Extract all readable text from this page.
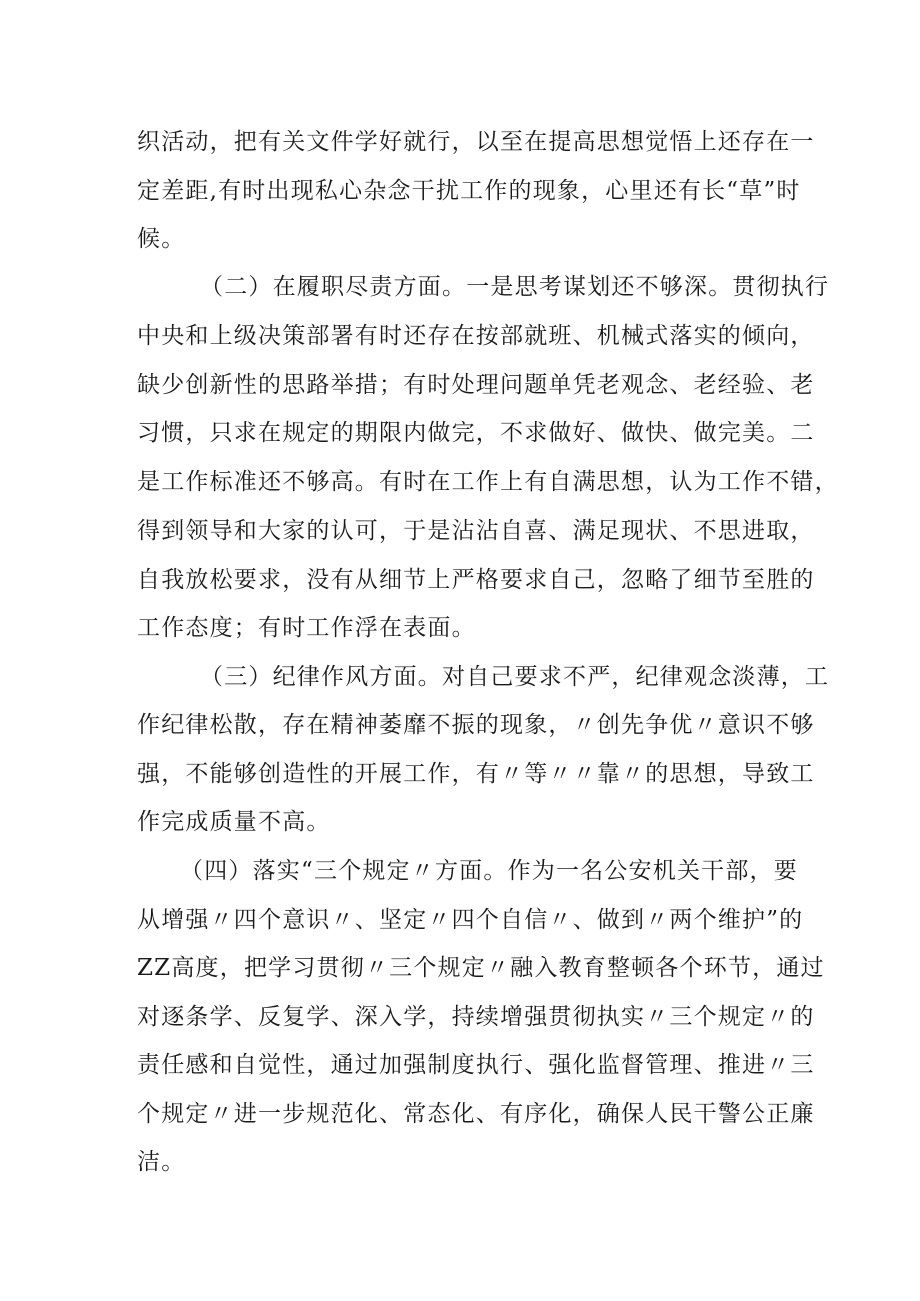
织活动，把有关文件学好就行，以至在提高思想觉悟上还存在一
定差距,有时出现私心杂念干扰工作的现象，心里还有长“草”时
候。
（二）在履职尽责方面。一是思考谋划还不够深。贯彻执行
中央和上级决策部署有时还存在按部就班、机械式落实的倾向，
缺少创新性的思路举措；有时处理问题单凭老观念、老经验、老
习惯，只求在规定的期限内做完，不求做好、做快、做完美。二
是工作标准还不够高。有时在工作上有自满思想，认为工作不错，
得到领导和大家的认可，于是沾沾自喜、满足现状、不思进取，
自我放松要求，没有从细节上严格要求自己，忽略了细节至胜的
工作态度；有时工作浮在表面。
（三）纪律作风方面。对自己要求不严，纪律观念淡薄，工
作纪律松散，存在精神萎靡不振的现象，〃创先争优〃意识不够
强，不能够创造性的开展工作，有〃等〃〃靠〃的思想，导致工
作完成质量不高。
（四）落实“三个规定〃方面。作为一名公安机关干部，要
从增强〃四个意识〃、坚定〃四个自信〃、做到〃两个维护”的
ZZ高度，把学习贯彻〃三个规定〃融入教育整顿各个环节，通过
对逐条学、反复学、深入学，持续增强贯彻执实〃三个规定〃的
责任感和自觉性，通过加强制度执行、强化监督管理、推进〃三
个规定〃进一步规范化、常态化、有序化，确保人民干警公正廉
洁。
